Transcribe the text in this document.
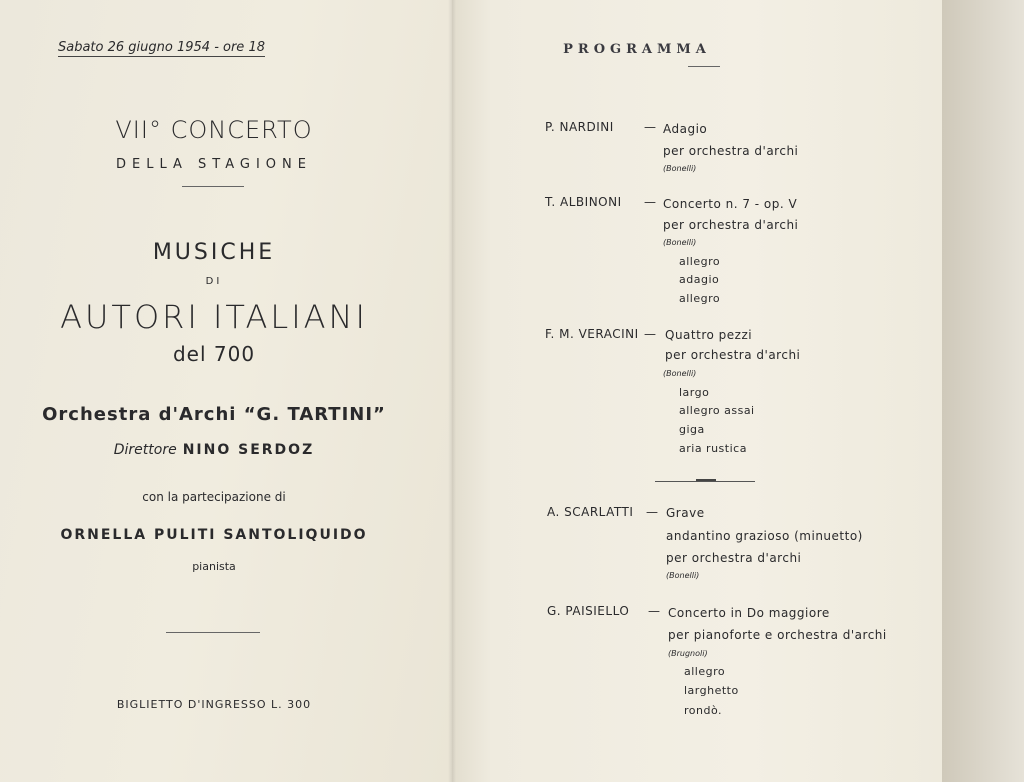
Sabato 26 giugno 1954 - ore 18
VII° CONCERTO
DELLA STAGIONE
MUSICHE
DI
AUTORI ITALIANI
del 700
Orchestra d'Archi “G. TARTINI”
Direttore NINO SERDOZ
con la partecipazione di
ORNELLA PULITI SANTOLIQUIDO
pianista
BIGLIETTO D'INGRESSO L. 300
PROGRAMMA
P. NARDINI	— Adagio
per orchestra d'archi
(Bonelli)
T. ALBINONI — Concerto n. 7 - op. V
per orchestra d'archi
(Bonelli)
allegro
adagio
allegro
F. M. VERACINI — Quattro pezzi
per orchestra d'archi
(Bonelli)
largo
allegro assai
giga
aria rustica
A. SCARLATTI — Grave
andantino grazioso (minuetto)
per orchestra d'archi
(Bonelli)
G. PAISIELLO — Concerto in Do maggiore
per pianoforte e orchestra d'archi
(Brugnoli)
allegro
larghetto
rondò.
